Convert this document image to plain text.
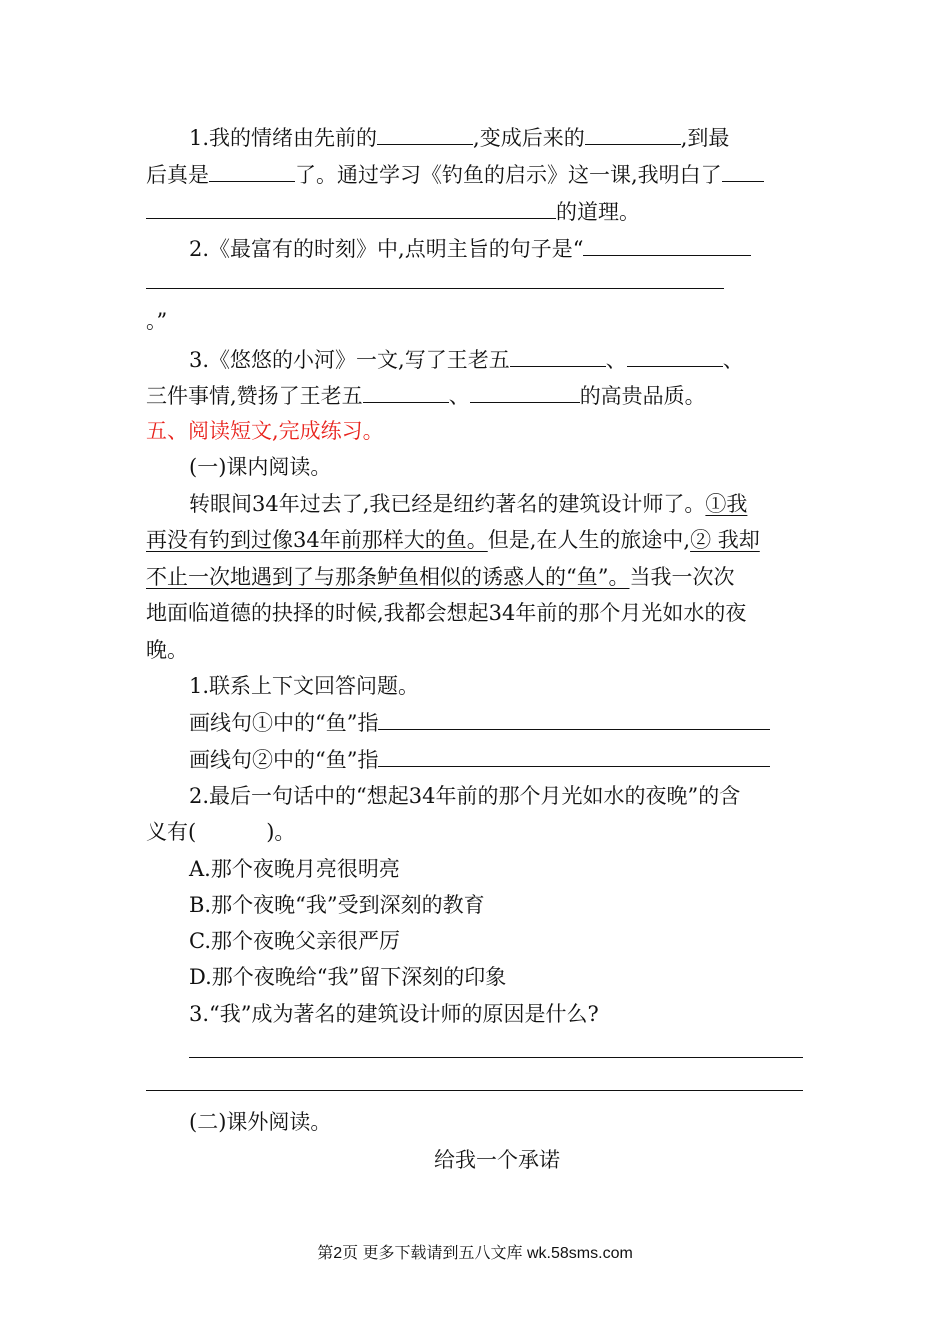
1.我的情绪由先前的	,变成后来的	,到最
后真是	了。通过学习《钓鱼的启示》这一课,我明白了
的道理。
2.《最富有的时刻》中,点明主旨的句子是“
。”
3.《悠悠的小河》一文,写了王老五	、	、
三件事情,赞扬了王老五	、	的高贵品质。
五、阅读短文,完成练习。
(一)课内阅读。
转眼间34年过去了,我已经是纽约著名的建筑设计师了。①我
再没有钓到过像34年前那样大的鱼。但是,在人生的旅途中,② 我却
不止一次地遇到了与那条鲈鱼相似的诱惑人的“鱼”。当我一次次
地面临道德的抉择的时候,我都会想起34年前的那个月光如水的夜
晚。
1.联系上下文回答问题。
画线句①中的“鱼”指
画线句②中的“鱼”指
2.最后一句话中的“想起34年前的那个月光如水的夜晚”的含
义有(	)。
A.那个夜晚月亮很明亮
B.那个夜晚“我”受到深刻的教育
C.那个夜晚父亲很严厉
D.那个夜晚给“我”留下深刻的印象
3.“我”成为著名的建筑设计师的原因是什么?
(二)课外阅读。
给我一个承诺
第2页 更多下载请到五八文库 wk.58sms.com
